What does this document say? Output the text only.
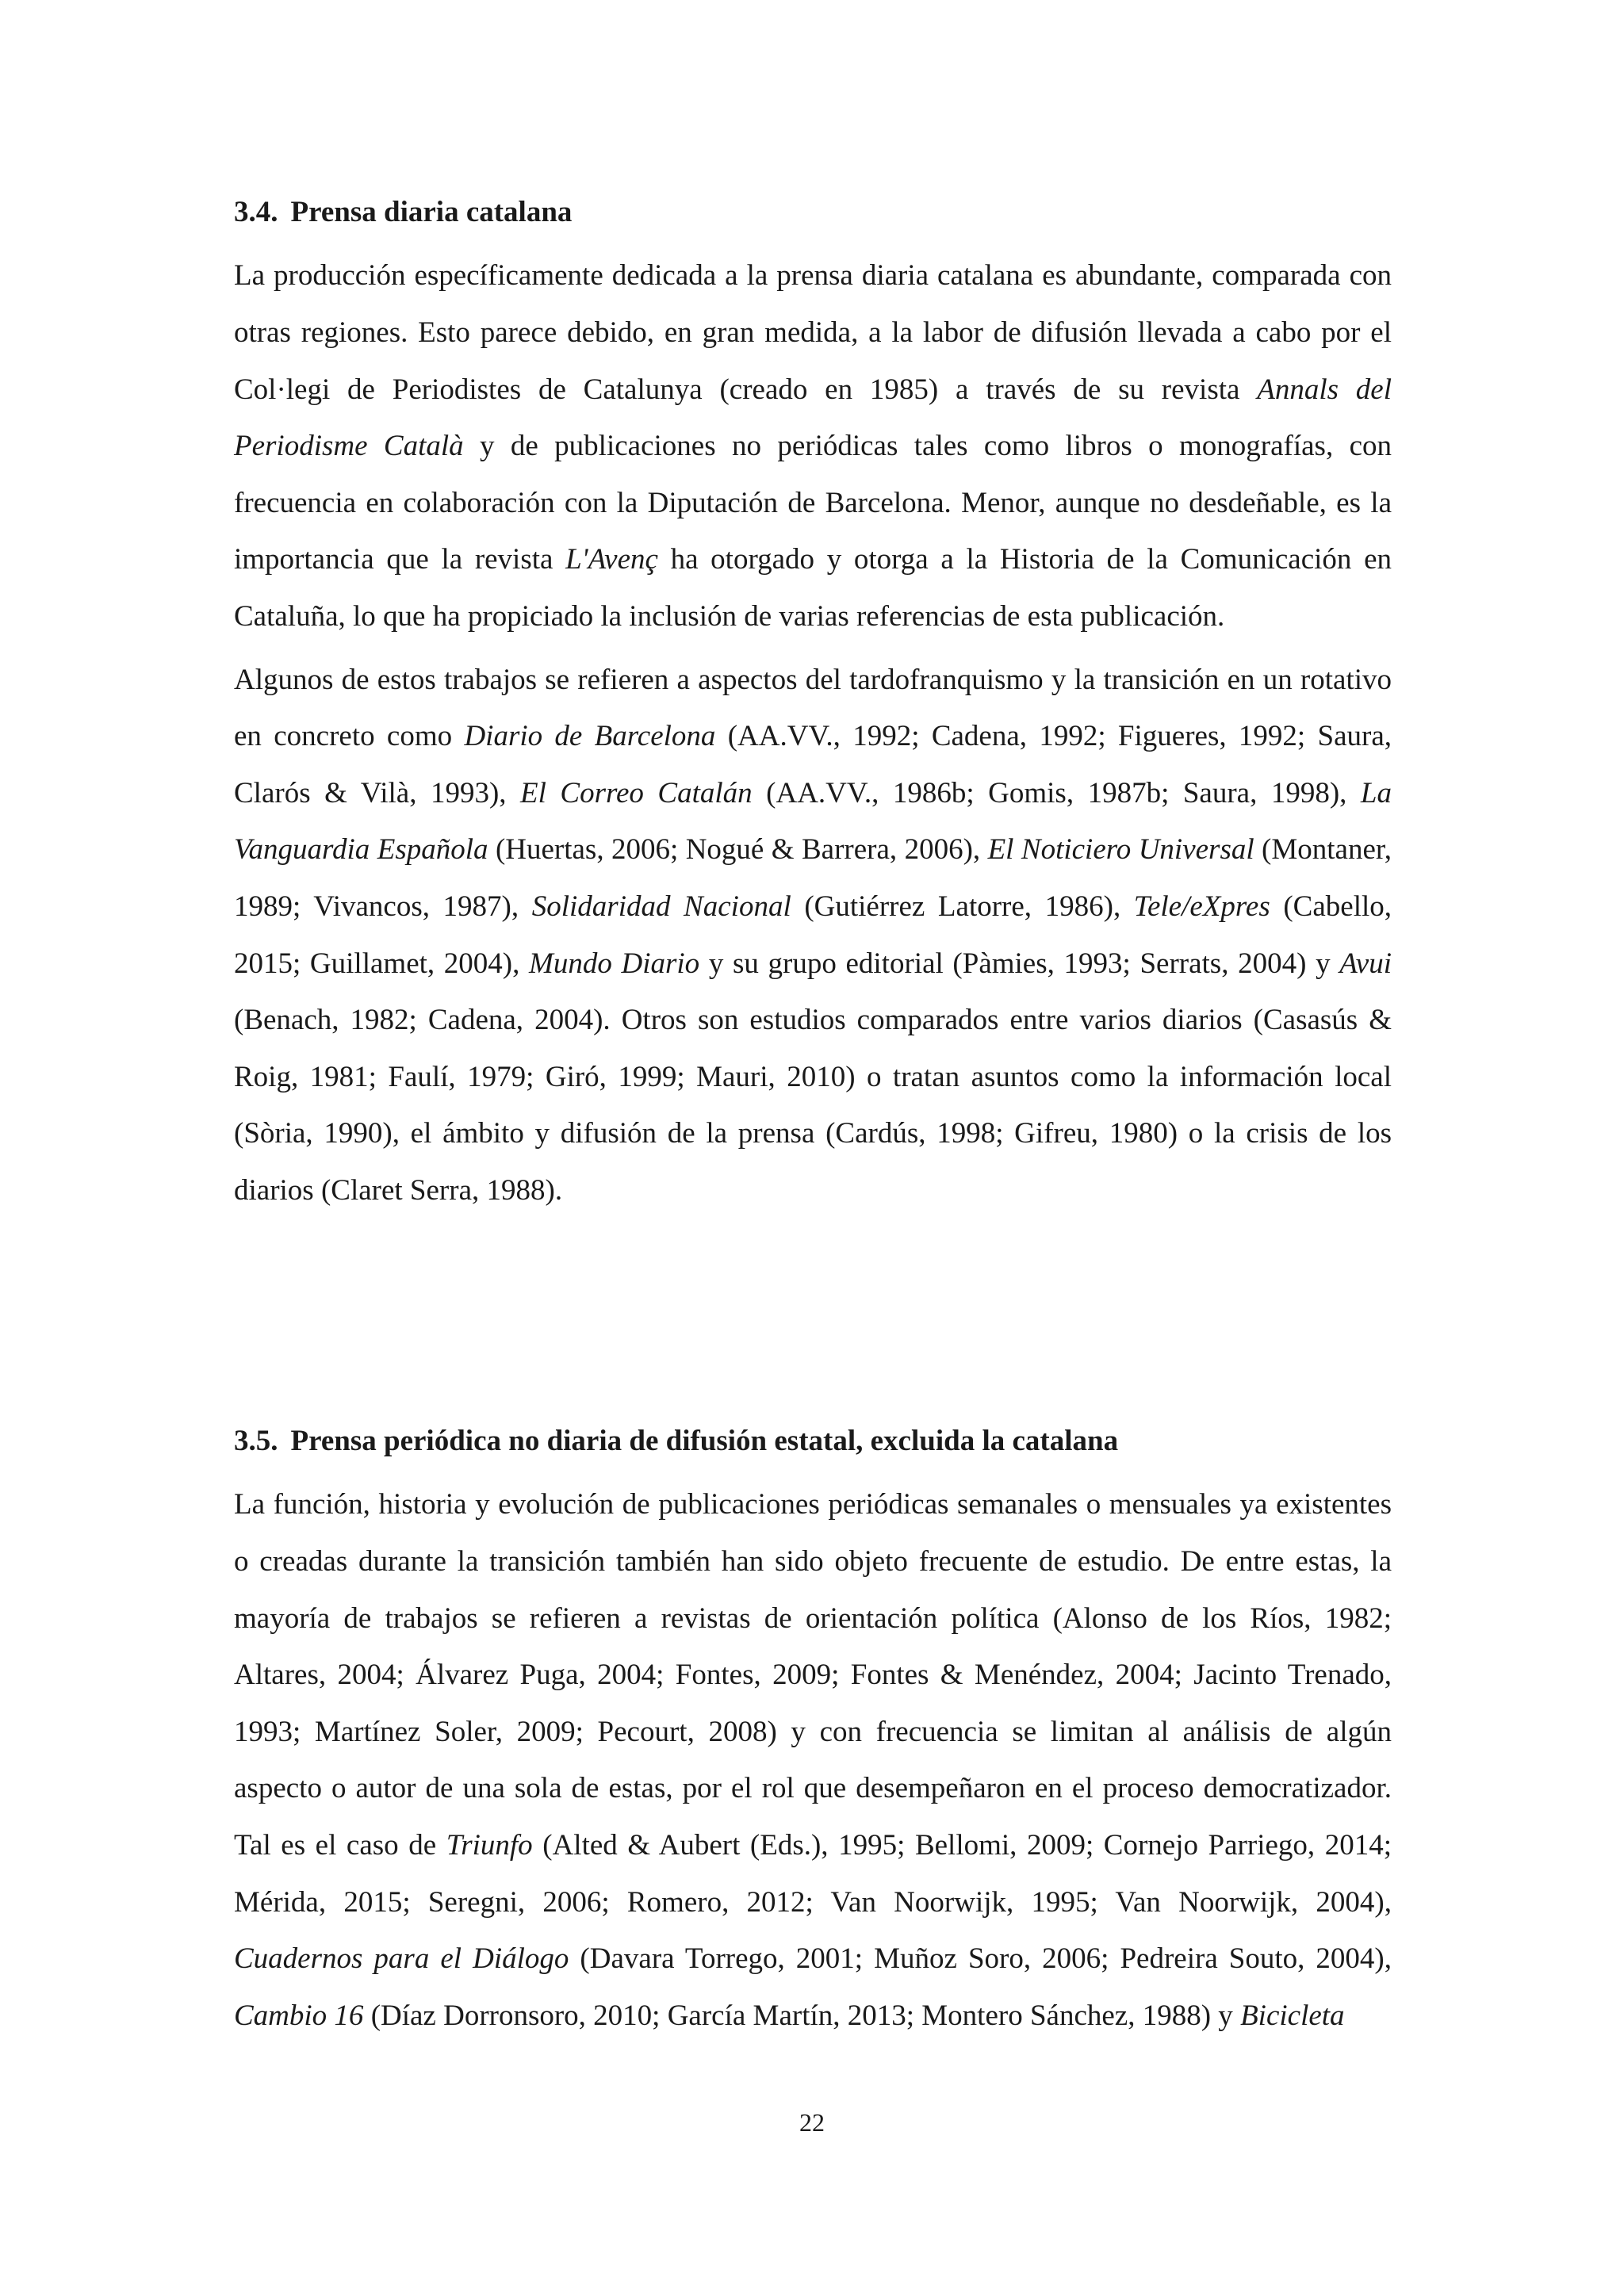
3.4. Prensa diaria catalana

La producción específicamente dedicada a la prensa diaria catalana es abundante, comparada con otras regiones. Esto parece debido, en gran medida, a la labor de difusión llevada a cabo por el Col·legi de Periodistes de Catalunya (creado en 1985) a través de su revista Annals del Periodisme Català y de publicaciones no periódicas tales como libros o monografías, con frecuencia en colaboración con la Diputación de Barcelona. Menor, aunque no desdeñable, es la importancia que la revista L'Avenç ha otorgado y otorga a la Historia de la Comunicación en Cataluña, lo que ha propiciado la inclusión de varias referencias de esta publicación.

Algunos de estos trabajos se refieren a aspectos del tardofranquismo y la transición en un rotativo en concreto como Diario de Barcelona (AA.VV., 1992; Cadena, 1992; Figueres, 1992; Saura, Clarós & Vilà, 1993), El Correo Catalán (AA.VV., 1986b; Gomis, 1987b; Saura, 1998), La Vanguardia Española (Huertas, 2006; Nogué & Barrera, 2006), El Noticiero Universal (Montaner, 1989; Vivancos, 1987), Solidaridad Nacional (Gutiérrez Latorre, 1986), Tele/eXpres (Cabello, 2015; Guillamet, 2004), Mundo Diario y su grupo editorial (Pàmies, 1993; Serrats, 2004) y Avui (Benach, 1982; Cadena, 2004). Otros son estudios comparados entre varios diarios (Casasús & Roig, 1981; Faulí, 1979; Giró, 1999; Mauri, 2010) o tratan asuntos como la información local (Sòria, 1990), el ámbito y difusión de la prensa (Cardús, 1998; Gifreu, 1980) o la crisis de los diarios (Claret Serra, 1988).

3.5. Prensa periódica no diaria de difusión estatal, excluida la catalana

La función, historia y evolución de publicaciones periódicas semanales o mensuales ya existentes o creadas durante la transición también han sido objeto frecuente de estudio. De entre estas, la mayoría de trabajos se refieren a revistas de orientación política (Alonso de los Ríos, 1982; Altares, 2004; Álvarez Puga, 2004; Fontes, 2009; Fontes & Menéndez, 2004; Jacinto Trenado, 1993; Martínez Soler, 2009; Pecourt, 2008) y con frecuencia se limitan al análisis de algún aspecto o autor de una sola de estas, por el rol que desempeñaron en el proceso democratizador. Tal es el caso de Triunfo (Alted & Aubert (Eds.), 1995; Bellomi, 2009; Cornejo Parriego, 2014; Mérida, 2015; Seregni, 2006; Romero, 2012; Van Noorwijk, 1995; Van Noorwijk, 2004), Cuadernos para el Diálogo (Davara Torrego, 2001; Muñoz Soro, 2006; Pedreira Souto, 2004), Cambio 16 (Díaz Dorronsoro, 2010; García Martín, 2013; Montero Sánchez, 1988) y Bicicleta

22
